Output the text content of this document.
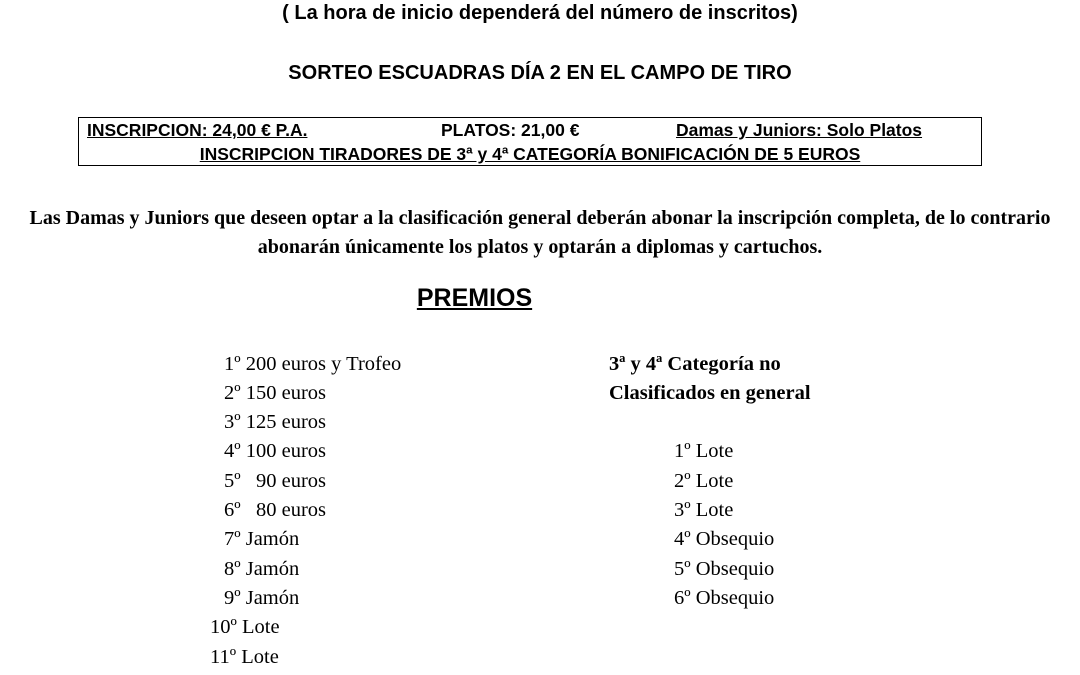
( La hora de inicio dependerá del número de inscritos)
SORTEO ESCUADRAS DÍA 2 EN EL CAMPO DE TIRO
INSCRIPCION: 24,00 € P.A.	PLATOS: 21,00 €	Damas y Juniors: Solo Platos
INSCRIPCION TIRADORES DE 3ª y 4ª CATEGORÍA BONIFICACIÓN DE 5 EUROS
Las Damas y Juniors que deseen optar a la clasificación general deberán abonar la inscripción completa, de lo contrario abonarán únicamente los platos y optarán a diplomas y cartuchos.
PREMIOS
1º 200 euros y Trofeo
2º 150 euros
3º 125 euros
4º 100 euros
5º   90 euros
6º   80 euros
7º Jamón
8º Jamón
9º Jamón
10º Lote
11º Lote
3ª y 4ª Categoría no
Clasificados en general
1º Lote
2º Lote
3º Lote
4º Obsequio
5º Obsequio
6º Obsequio
